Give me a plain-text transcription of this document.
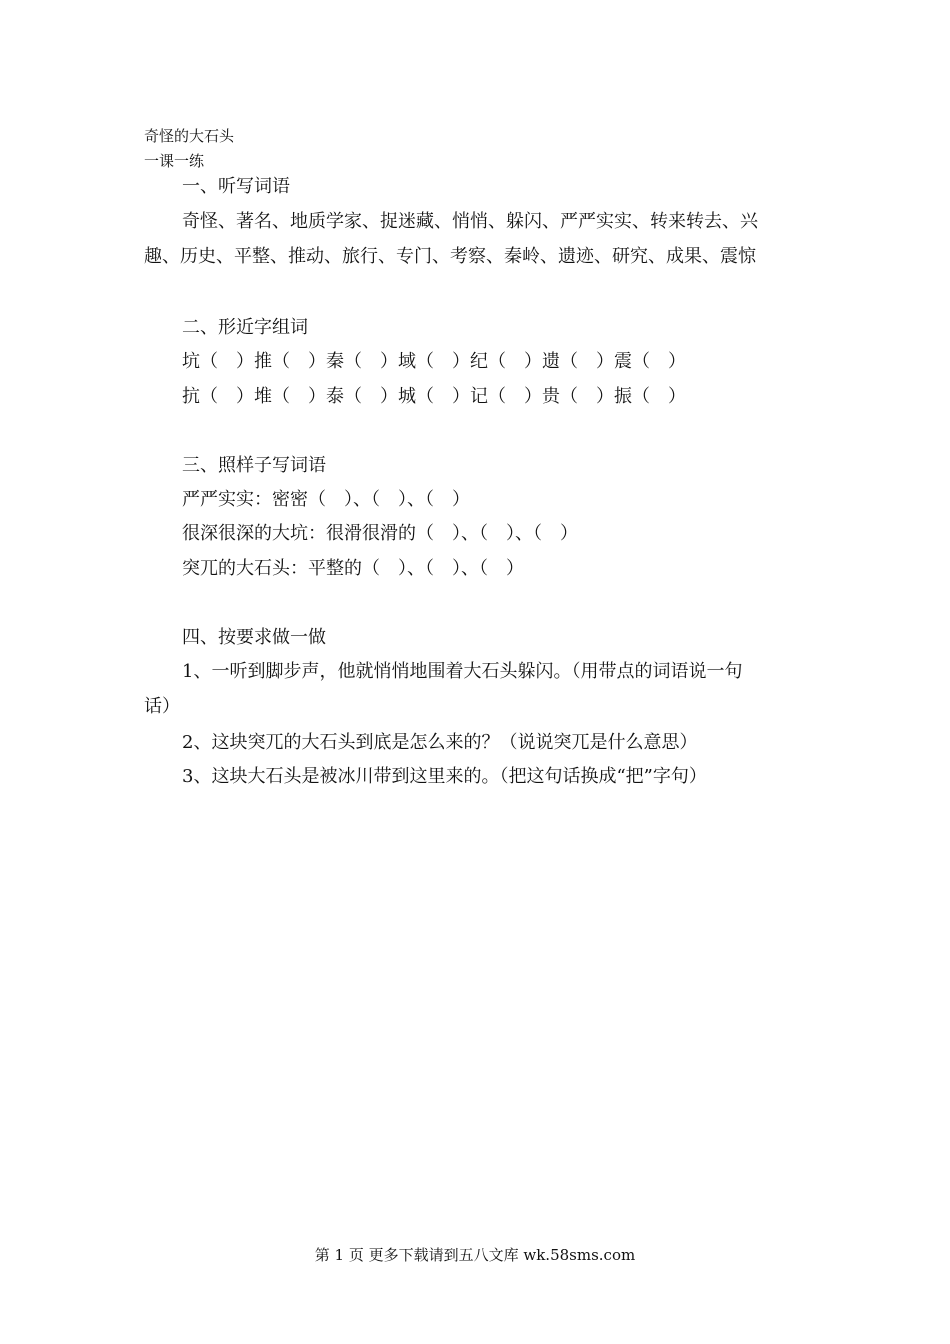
奇怪的大石头
一课一练
一、听写词语
奇怪、著名、地质学家、捉迷藏、悄悄、躲闪、严严实实、转来转去、兴
趣、历史、平整、推动、旅行、专门、考察、秦岭、遗迹、研究、成果、震惊
二、形近字组词
坑（　）推（　）秦（　）域（　）纪（　）遗（　）震（　）
抗（　）堆（　）泰（　）城（　）记（　）贵（　）振（　）
三、照样子写词语
严严实实：密密（　）、（　）、（　）
很深很深的大坑：很滑很滑的（　）、（　）、（　）
突兀的大石头：平整的（　）、（　）、（　）
四、按要求做一做
1、一听到脚步声，他就悄悄地围着大石头躲闪。（用带点的词语说一句
话）
2、这块突兀的大石头到底是怎么来的？（说说突兀是什么意思）
3、这块大石头是被冰川带到这里来的。（把这句话换成“把”字句）
第 1 页 更多下载请到五八文库 wk.58sms.com
